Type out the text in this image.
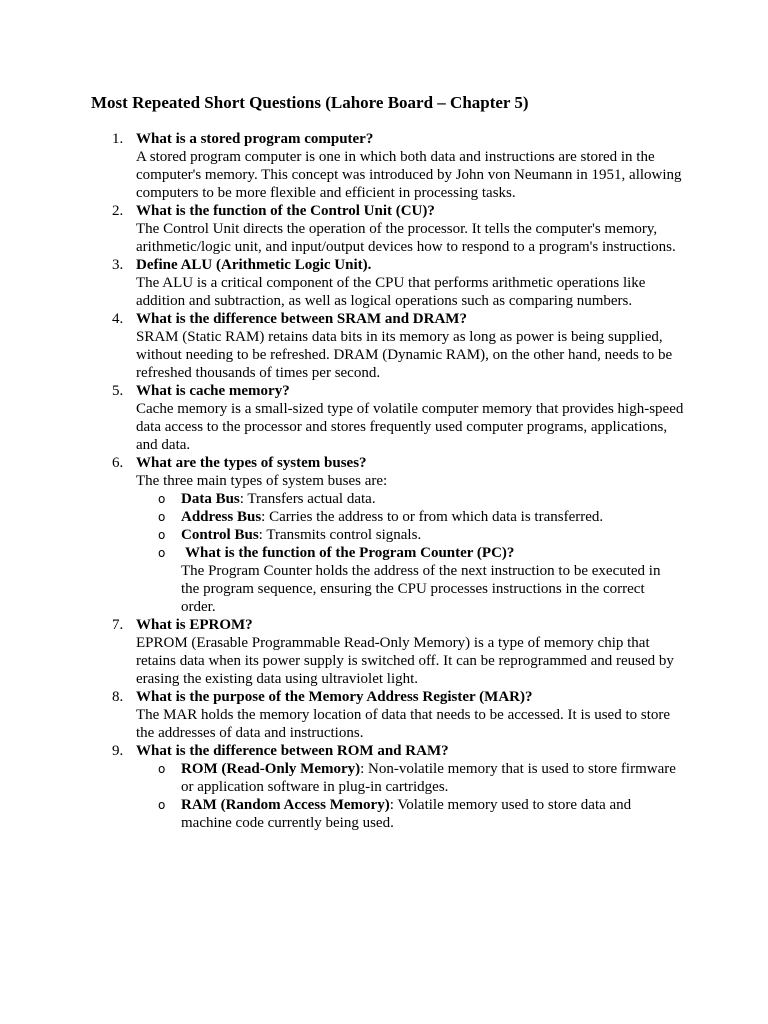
Most Repeated Short Questions (Lahore Board – Chapter 5)
1. What is a stored program computer?
A stored program computer is one in which both data and instructions are stored in the computer's memory. This concept was introduced by John von Neumann in 1951, allowing computers to be more flexible and efficient in processing tasks.
2. What is the function of the Control Unit (CU)?
The Control Unit directs the operation of the processor. It tells the computer's memory, arithmetic/logic unit, and input/output devices how to respond to a program's instructions.
3. Define ALU (Arithmetic Logic Unit).
The ALU is a critical component of the CPU that performs arithmetic operations like addition and subtraction, as well as logical operations such as comparing numbers.
4. What is the difference between SRAM and DRAM?
SRAM (Static RAM) retains data bits in its memory as long as power is being supplied, without needing to be refreshed. DRAM (Dynamic RAM), on the other hand, needs to be refreshed thousands of times per second.
5. What is cache memory?
Cache memory is a small-sized type of volatile computer memory that provides high-speed data access to the processor and stores frequently used computer programs, applications, and data.
6. What are the types of system buses?
The three main types of system buses are:
o Data Bus: Transfers actual data.
o Address Bus: Carries the address to or from which data is transferred.
o Control Bus: Transmits control signals.
o What is the function of the Program Counter (PC)?
The Program Counter holds the address of the next instruction to be executed in the program sequence, ensuring the CPU processes instructions in the correct order.
7. What is EPROM?
EPROM (Erasable Programmable Read-Only Memory) is a type of memory chip that retains data when its power supply is switched off. It can be reprogrammed and reused by erasing the existing data using ultraviolet light.
8. What is the purpose of the Memory Address Register (MAR)?
The MAR holds the memory location of data that needs to be accessed. It is used to store the addresses of data and instructions.
9. What is the difference between ROM and RAM?
o ROM (Read-Only Memory): Non-volatile memory that is used to store firmware or application software in plug-in cartridges.
o RAM (Random Access Memory): Volatile memory used to store data and machine code currently being used.
